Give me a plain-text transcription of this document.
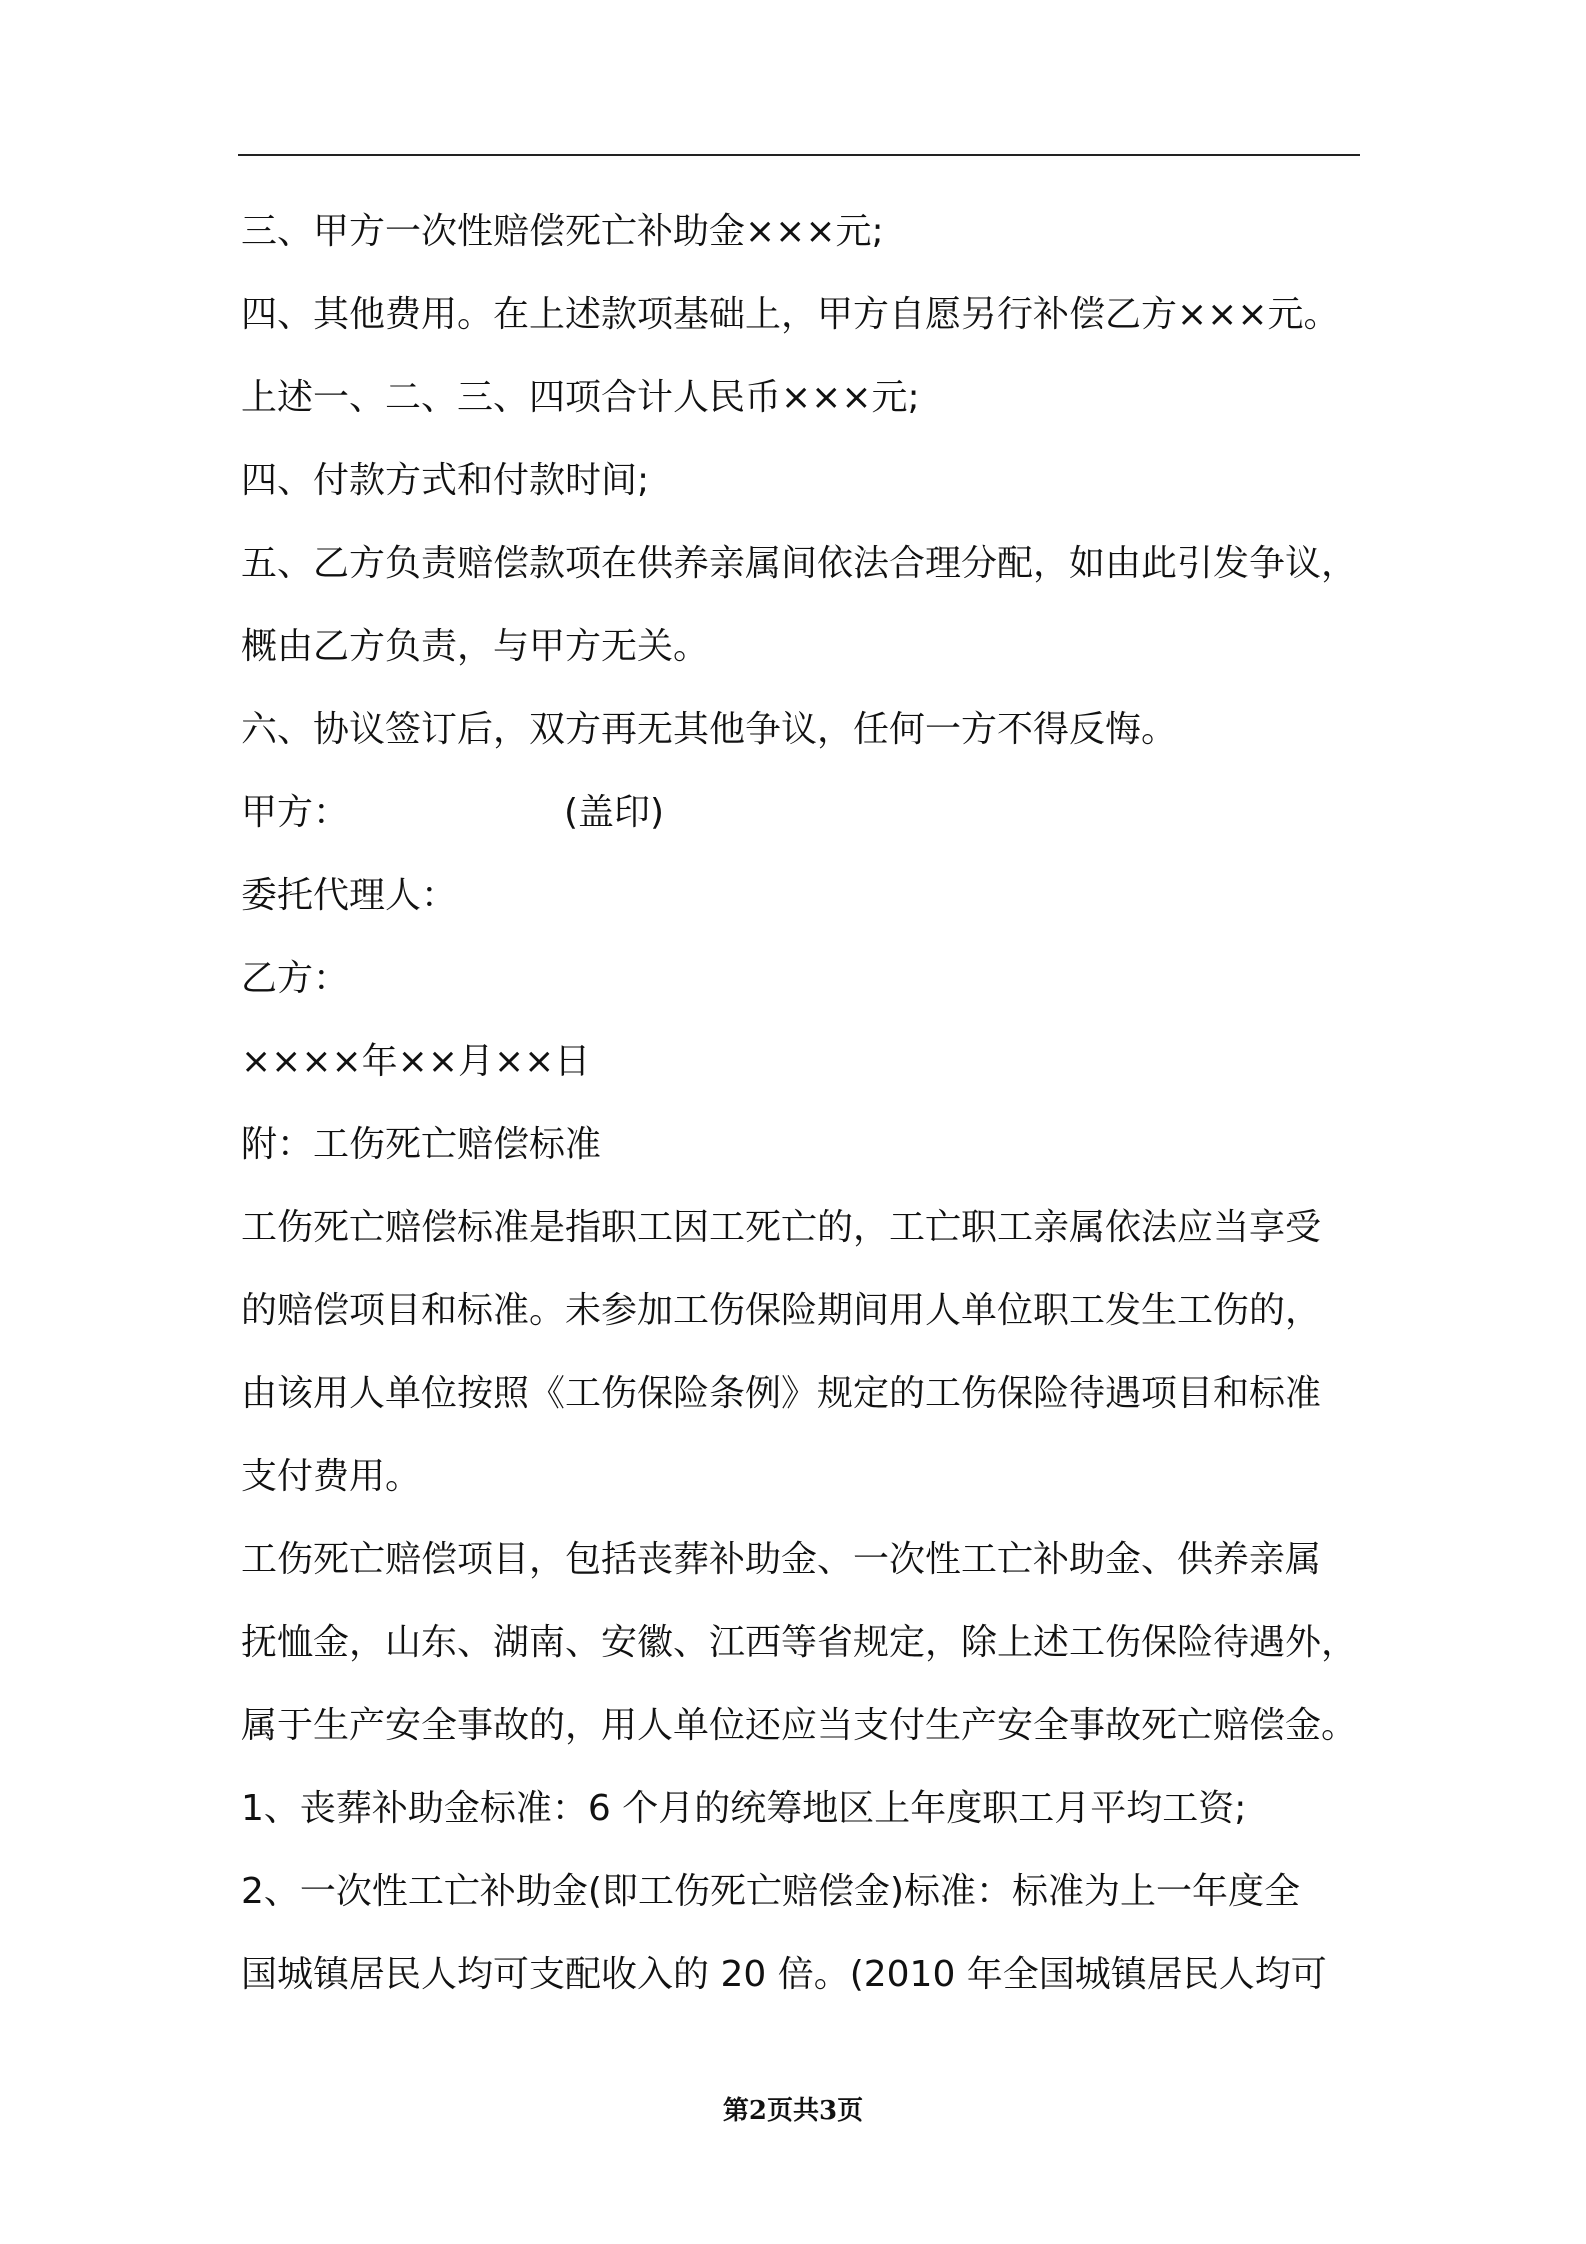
三、甲方一次性赔偿死亡补助金×××元;
四、其他费用。在上述款项基础上，甲方自愿另行补偿乙方×××元。
上述一、二、三、四项合计人民币×××元;
四、付款方式和付款时间;
五、乙方负责赔偿款项在供养亲属间依法合理分配，如由此引发争议，
概由乙方负责，与甲方无关。
六、协议签订后，双方再无其他争议，任何一方不得反悔。
甲方：	(盖印)
委托代理人：
乙方：
××××年××月××日
附：工伤死亡赔偿标准
工伤死亡赔偿标准是指职工因工死亡的，工亡职工亲属依法应当享受
的赔偿项目和标准。未参加工伤保险期间用人单位职工发生工伤的，
由该用人单位按照《工伤保险条例》规定的工伤保险待遇项目和标准
支付费用。
工伤死亡赔偿项目，包括丧葬补助金、一次性工亡补助金、供养亲属
抚恤金，山东、湖南、安徽、江西等省规定，除上述工伤保险待遇外，
属于生产安全事故的，用人单位还应当支付生产安全事故死亡赔偿金。
1、丧葬补助金标准：6 个月的统筹地区上年度职工月平均工资;
2、一次性工亡补助金(即工伤死亡赔偿金)标准：标准为上一年度全
国城镇居民人均可支配收入的 20 倍。(2010 年全国城镇居民人均可
第2页共3页
